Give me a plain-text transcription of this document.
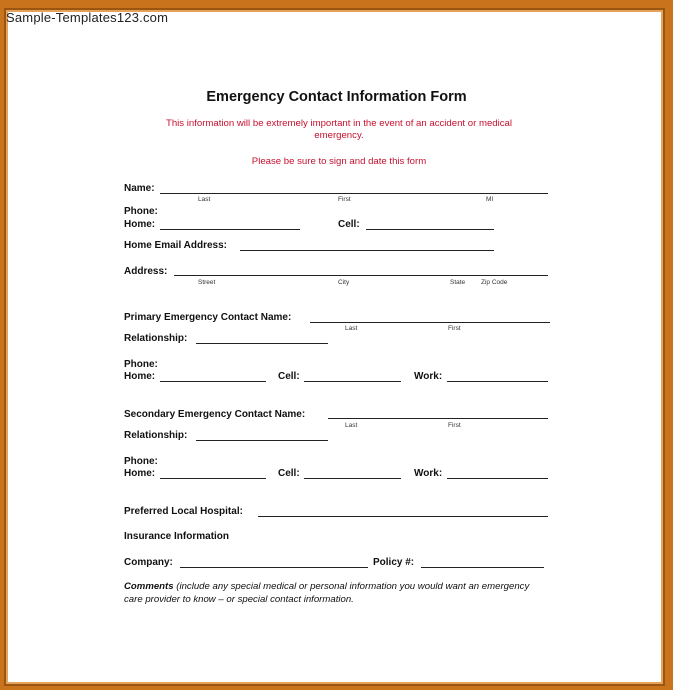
Sample-Templates123.com
Emergency Contact Information Form
This information will be extremely important in the event of an accident or medical
emergency.
Please be sure to sign and date this form
Name:
Last	First	MI
Phone:
Home:	Cell:
Home Email Address:
Address:
Street	City	State Zip Code
Primary Emergency Contact Name:
Last	First
Relationship:
Phone:
Home:	Cell:	Work:
Secondary Emergency Contact Name:
Last	First
Relationship:
Phone:
Home:	Cell:	Work:
Preferred Local Hospital:
Insurance Information
Company:	Policy #:
Comments (include any special medical or personal information you would want an emergency care provider to know – or special contact information.
